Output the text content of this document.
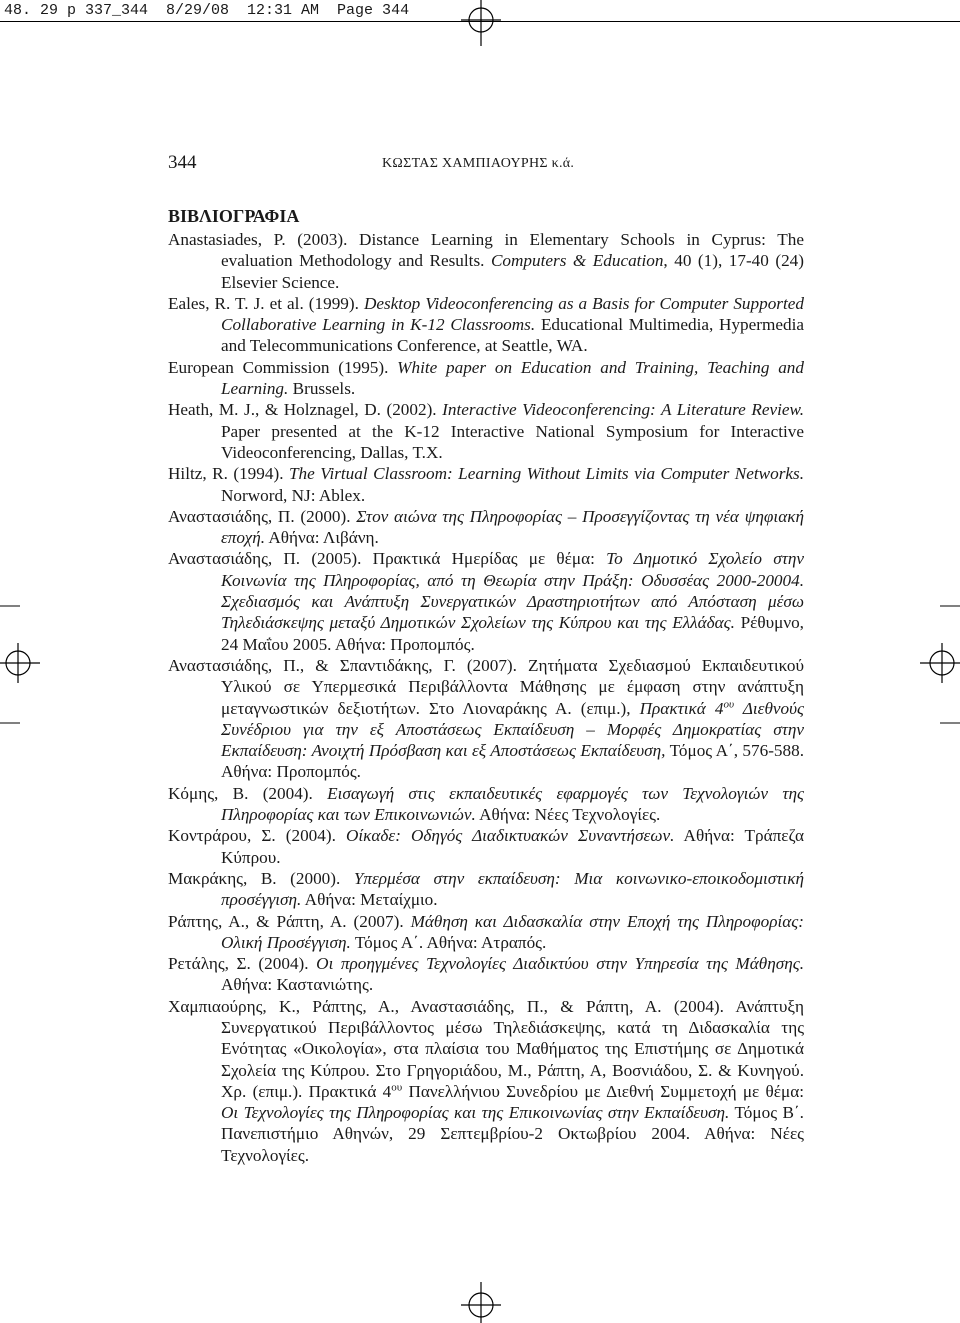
48. 29 p 337_344  8/29/08  12:31 AM  Page 344
344	ΚΩΣΤΑΣ ΧΑΜΠΙΑΟΥΡΗΣ κ.ά.
ΒΙΒΛΙΟΓΡΑΦΙΑ

Anastasiades, P. (2003). Distance Learning in Elementary Schools in Cyprus: The evaluation Methodology and Results. Computers & Education, 40 (1), 17-40 (24) Elsevier Science.

Eales, R. T. J. et al. (1999). Desktop Videoconferencing as a Basis for Computer Supported Collaborative Learning in K-12 Classrooms. Educational Multimedia, Hypermedia and Telecommunications Conference, at Seattle, WA.

European Commission (1995). White paper on Education and Training, Teaching and Learning. Brussels.

Heath, M. J., & Holznagel, D. (2002). Interactive Videoconferencing: A Literature Review. Paper presented at the K-12 Interactive National Symposium for Interactive Videoconferencing, Dallas, T.X.

Hiltz, R. (1994). The Virtual Classroom: Learning Without Limits via Computer Networks. Norword, NJ: Ablex.

Αναστασιάδης, Π. (2000). Στον αιώνα της Πληροφορίας – Προσεγγίζοντας τη νέα ψηφιακή εποχή. Αθήνα: Λιβάνη.

Αναστασιάδης, Π. (2005). Πρακτικά Ημερίδας με θέμα: Το Δημοτικό Σχολείο στην Κοινωνία της Πληροφορίας, από τη Θεωρία στην Πράξη: Οδυσσέας 2000-20004. Σχεδιασμός και Ανάπτυξη Συνεργατικών Δραστηριοτήτων από Απόσταση μέσω Τηλεδιάσκεψης μεταξύ Δημοτικών Σχολείων της Κύπρου και της Ελλάδας. Ρέθυμνο, 24 Μαΐου 2005. Αθήνα: Προπομπός.

Αναστασιάδης, Π., & Σπαντιδάκης, Γ. (2007). Ζητήματα Σχεδιασμού Εκπαιδευτικού Υλικού σε Υπερμεσικά Περιβάλλοντα Μάθησης με έμφαση στην ανάπτυξη μεταγνωστικών δεξιοτήτων. Στο Λιοναράκης Α. (επιμ.), Πρακτικά $4^{o\upsilon}$ Διεθνούς Συνέδριου για την εξ Αποστάσεως Εκπαίδευση – Μορφές Δημοκρατίας στην Εκπαίδευση: Ανοιχτή Πρόσβαση και εξ Αποστάσεως Εκπαίδευση, Τόμος Α΄, 576-588. Αθήνα: Προπομπός.

Κόμης, Β. (2004). Εισαγωγή στις εκπαιδευτικές εφαρμογές των Τεχνολογιών της Πληροφορίας και των Επικοινωνιών. Αθήνα: Νέες Τεχνολογίες.

Κοντράρου, Σ. (2004). Οίκαδε: Οδηγός Διαδικτυακών Συναντήσεων. Αθήνα: Τράπεζα Κύπρου.

Μακράκης, Β. (2000). Υπερμέσα στην εκπαίδευση: Μια κοινωνικο-εποικοδομιστική προσέγγιση. Αθήνα: Μεταίχμιο.

Ράπτης, Α., & Ράπτη, Α. (2007). Μάθηση και Διδασκαλία στην Εποχή της Πληροφορίας: Ολική Προσέγγιση. Τόμος Α΄. Αθήνα: Ατραπός.

Ρετάλης, Σ. (2004). Οι προηγμένες Τεχνολογίες Διαδικτύου στην Υπηρεσία της Μάθησης. Αθήνα: Καστανιώτης.

Χαμπιαούρης, Κ., Ράπτης, Α., Αναστασιάδης, Π., & Ράπτη, Α. (2004). Ανάπτυξη Συνεργατικού Περιβάλλοντος μέσω Τηλεδιάσκεψης, κατά τη Διδασκαλία της Ενότητας «Οικολογία», στα πλαίσια του Μαθήματος της Επιστήμης σε Δημοτικά Σχολεία της Κύπρου. Στο Γρηγοριάδου, Μ., Ράπτη, Α, Βοσνιάδου, Σ. & Κυνηγού. Χρ. (επιμ.). Πρακτικά $4^{o\upsilon}$ Πανελλήνιου Συνεδρίου με Διεθνή Συμμετοχή με θέμα: Οι Τεχνολογίες της Πληροφορίας και της Επικοινωνίας στην Εκπαίδευση. Τόμος Β΄. Πανεπιστήμιο Αθηνών, 29 Σεπτεμβρίου-2 Οκτωβρίου 2004. Αθήνα: Νέες Τεχνολογίες.
